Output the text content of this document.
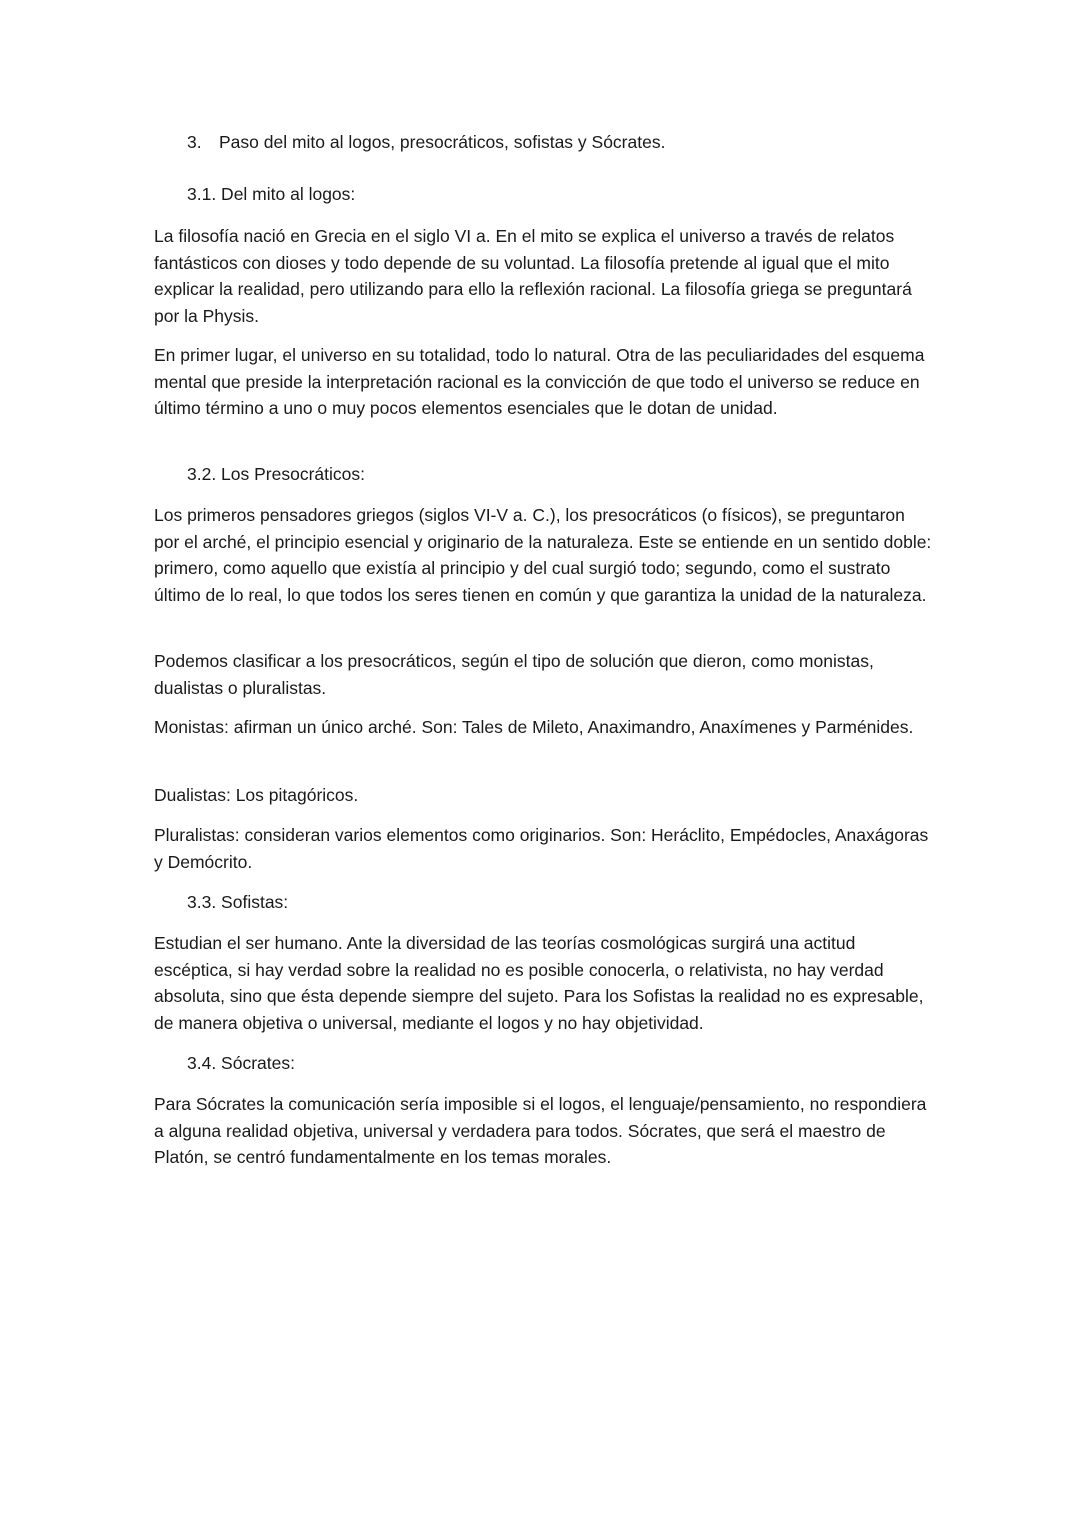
3. Paso del mito al logos, presocráticos, sofistas y Sócrates.
3.1. Del mito al logos:

La filosofía nació en Grecia en el siglo VI a. En el mito se explica el universo a través de relatos fantásticos con dioses y todo depende de su voluntad. La filosofía pretende al igual que el mito explicar la realidad, pero utilizando para ello la reflexión racional. La filosofía griega se preguntará por la Physis.

En primer lugar, el universo en su totalidad, todo lo natural. Otra de las peculiaridades del esquema mental que preside la interpretación racional es la convicción de que todo el universo se reduce en último término a uno o muy pocos elementos esenciales que le dotan de unidad.

3.2. Los Presocráticos:

Los primeros pensadores griegos (siglos VI-V a. C.), los presocráticos (o físicos), se preguntaron por el arché, el principio esencial y originario de la naturaleza. Este se entiende en un sentido doble: primero, como aquello que existía al principio y del cual surgió todo; segundo, como el sustrato último de lo real, lo que todos los seres tienen en común y que garantiza la unidad de la naturaleza.

Podemos clasificar a los presocráticos, según el tipo de solución que dieron, como monistas, dualistas o pluralistas.

Monistas: afirman un único arché. Son: Tales de Mileto, Anaximandro, Anaxímenes y Parménides.

Dualistas: Los pitagóricos.

Pluralistas: consideran varios elementos como originarios. Son: Heráclito, Empédocles, Anaxágoras y Demócrito.

3.3. Sofistas:

Estudian el ser humano. Ante la diversidad de las teorías cosmológicas surgirá una actitud escéptica, si hay verdad sobre la realidad no es posible conocerla, o relativista, no hay verdad absoluta, sino que ésta depende siempre del sujeto. Para los Sofistas la realidad no es expresable, de manera objetiva o universal, mediante el logos y no hay objetividad.

3.4. Sócrates:

Para Sócrates la comunicación sería imposible si el logos, el lenguaje/pensamiento, no respondiera a alguna realidad objetiva, universal y verdadera para todos. Sócrates, que será el maestro de Platón, se centró fundamentalmente en los temas morales.
